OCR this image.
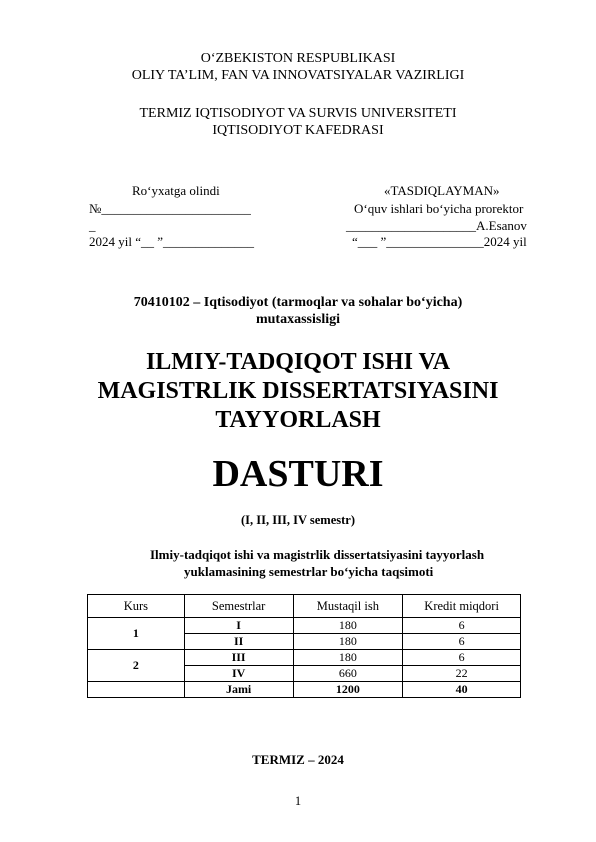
O‘ZBEKISTON RESPUBLIKASI
OLIY TA’LIM, FAN VA INNOVATSIYALAR VAZIRLIGI
TERMIZ IQTISODIYOT VA SURVIS UNIVERSITETI
IQTISODIYOT KAFEDRASI
Ro‘yxatga olindi
№_______________________
_
2024 yil “__ ”______________
«TASDIQLAYMAN»
O‘quv ishlari bo‘yicha prorektor
____________________A.Esanov
“___ ”_______________2024 yil
70410102 – Iqtisodiyot (tarmoqlar va sohalar bo‘yicha)
mutaxassisligi
ILMIY-TADQIQOT ISHI VA
MAGISTRLIK DISSERTATSIYASINI
TAYYORLASH
DASTURI
(I, II, III, IV semestr)
Ilmiy-tadqiqot ishi va magistrlik dissertatsiyasini tayyorlash
yuklamasining semestrlar bo‘yicha taqsimoti
Kurs	Semestrlar	Mustaqil ish	Kredit miqdori
1	I	180	6
	II	180	6
2	III	180	6
	IV	660	22
	Jami	1200	40
TERMIZ – 2024
1
